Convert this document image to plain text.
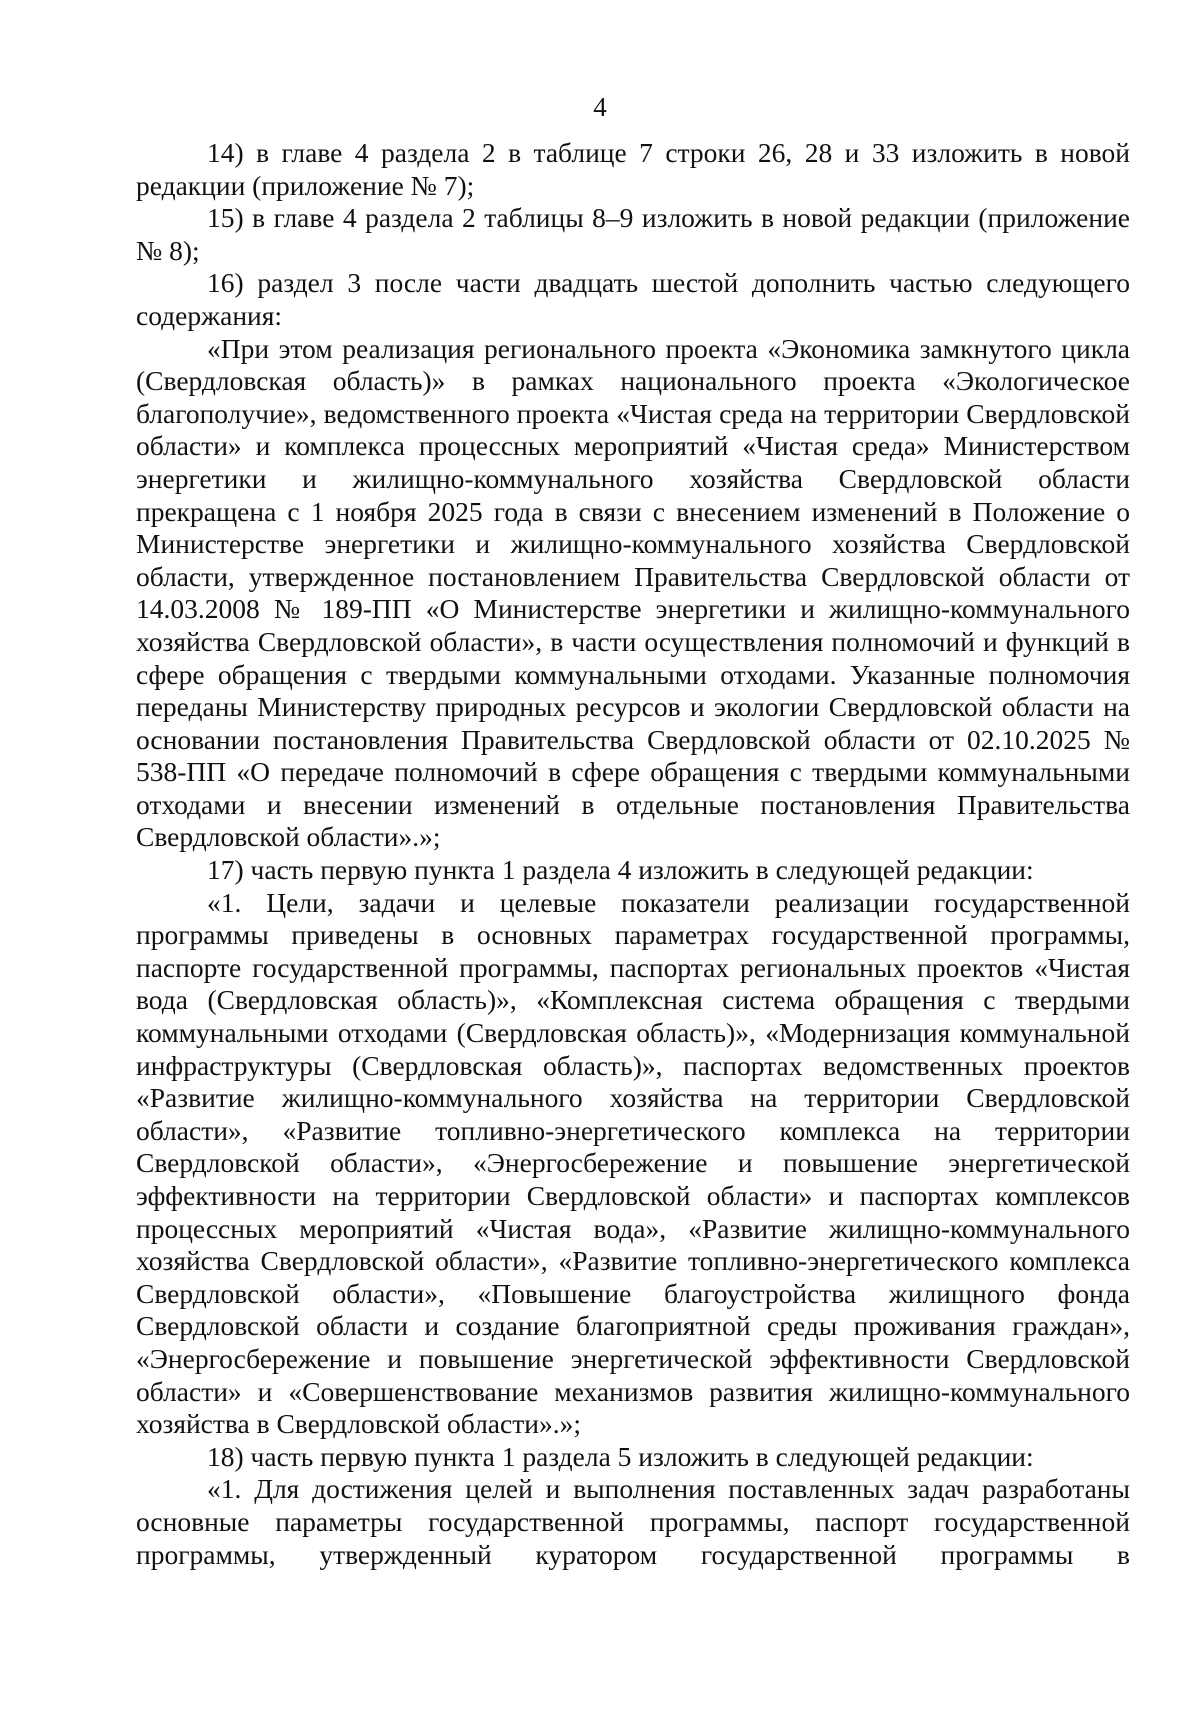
4

14) в главе 4 раздела 2 в таблице 7 строки 26, 28 и 33 изложить в новой редакции (приложение № 7);

15) в главе 4 раздела 2 таблицы 8–9 изложить в новой редакции (приложение № 8);

16) раздел 3 после части двадцать шестой дополнить частью следующего содержания:

«При этом реализация регионального проекта «Экономика замкнутого цикла (Свердловская область)» в рамках национального проекта «Экологическое благополучие», ведомственного проекта «Чистая среда на территории Свердловской области» и комплекса процессных мероприятий «Чистая среда» Министерством энергетики и жилищно-коммунального хозяйства Свердловской области прекращена с 1 ноября 2025 года в связи с внесением изменений в Положение о Министерстве энергетики и жилищно-коммунального хозяйства Свердловской области, утвержденное постановлением Правительства Свердловской области от 14.03.2008 № 189-ПП «О Министерстве энергетики и жилищно-коммунального хозяйства Свердловской области», в части осуществления полномочий и функций в сфере обращения с твердыми коммунальными отходами. Указанные полномочия переданы Министерству природных ресурсов и экологии Свердловской области на основании постановления Правительства Свердловской области от 02.10.2025 № 538-ПП «О передаче полномочий в сфере обращения с твердыми коммунальными отходами и внесении изменений в отдельные постановления Правительства Свердловской области».»;

17) часть первую пункта 1 раздела 4 изложить в следующей редакции:

«1. Цели, задачи и целевые показатели реализации государственной программы приведены в основных параметрах государственной программы, паспорте государственной программы, паспортах региональных проектов «Чистая вода (Свердловская область)», «Комплексная система обращения с твердыми коммунальными отходами (Свердловская область)», «Модернизация коммунальной инфраструктуры (Свердловская область)», паспортах ведомственных проектов «Развитие жилищно-коммунального хозяйства на территории Свердловской области», «Развитие топливно-энергетического комплекса на территории Свердловской области», «Энергосбережение и повышение энергетической эффективности на территории Свердловской области» и паспортах комплексов процессных мероприятий «Чистая вода», «Развитие жилищно-коммунального хозяйства Свердловской области», «Развитие топливно-энергетического комплекса Свердловской области», «Повышение благоустройства жилищного фонда Свердловской области и создание благоприятной среды проживания граждан», «Энергосбережение и повышение энергетической эффективности Свердловской области» и «Совершенствование механизмов развития жилищно-коммунального хозяйства в Свердловской области».»;

18) часть первую пункта 1 раздела 5 изложить в следующей редакции:

«1. Для достижения целей и выполнения поставленных задач разработаны основные параметры государственной программы, паспорт государственной программы, утвержденный куратором государственной программы в
